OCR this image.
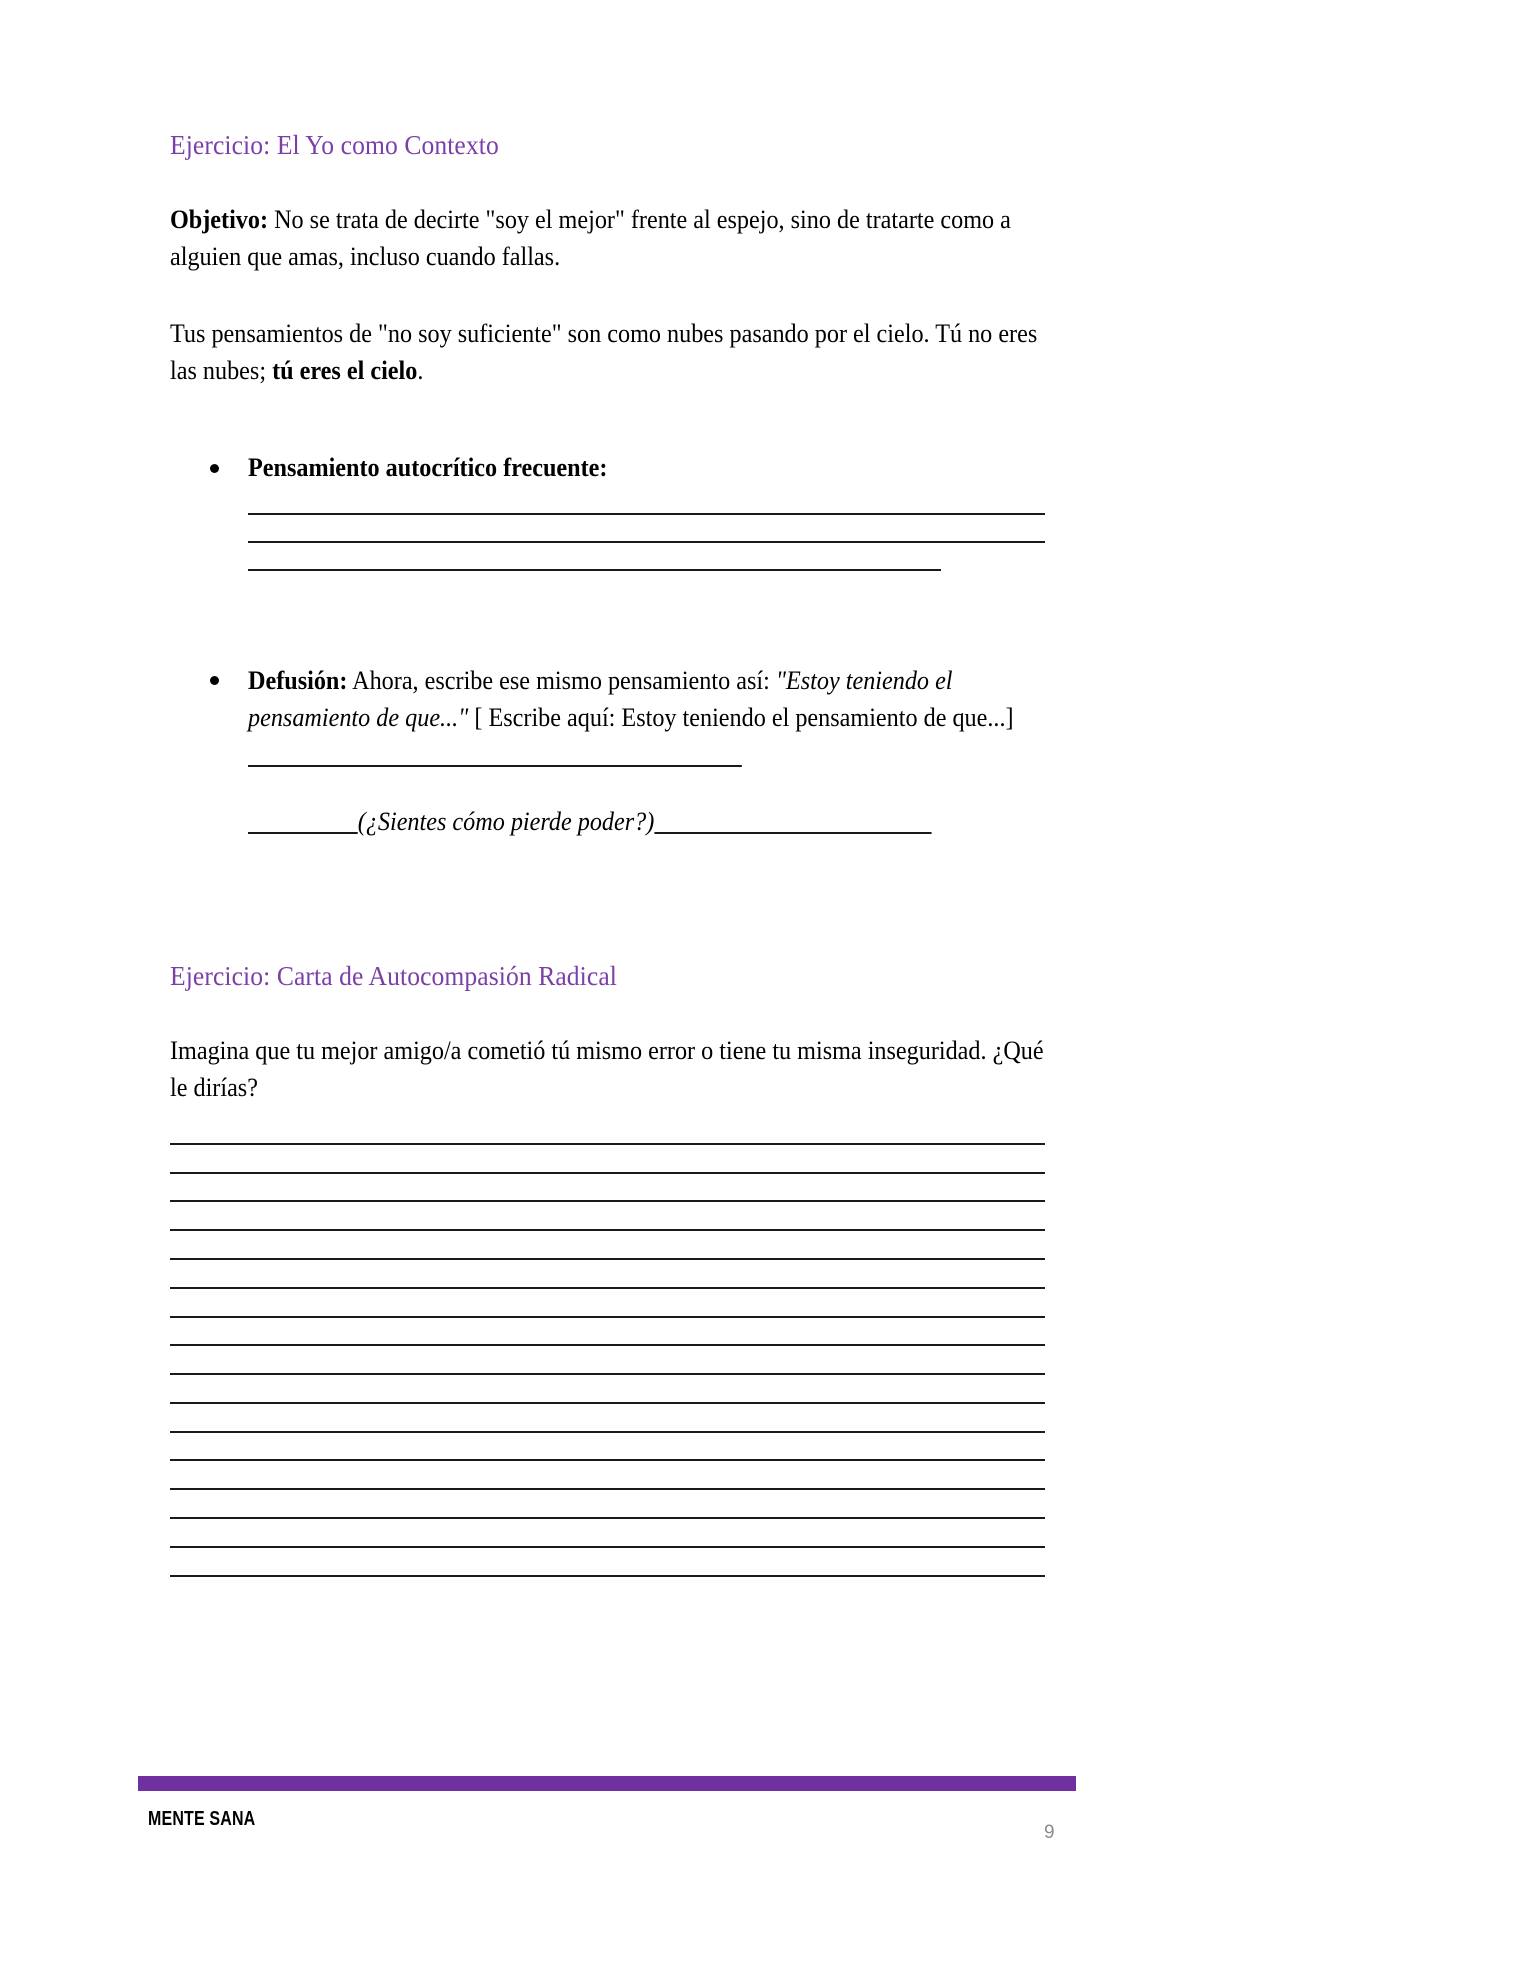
Ejercicio: El Yo como Contexto

Objetivo: No se trata de decirte "soy el mejor" frente al espejo, sino de tratarte como a alguien que amas, incluso cuando fallas.

Tus pensamientos de "no soy suficiente" son como nubes pasando por el cielo. Tú no eres las nubes; tú eres el cielo.

Pensamiento autocrítico frecuente:
Defusión: Ahora, escribe ese mismo pensamiento así: "Estoy teniendo el pensamiento de que..." [ Escribe aquí: Estoy teniendo el pensamiento de que...]
(¿Sientes cómo pierde poder?)
Ejercicio: Carta de Autocompasión Radical

Imagina que tu mejor amigo/a cometió tú mismo error o tiene tu misma inseguridad. ¿Qué le dirías?

MENTE SANA
9
